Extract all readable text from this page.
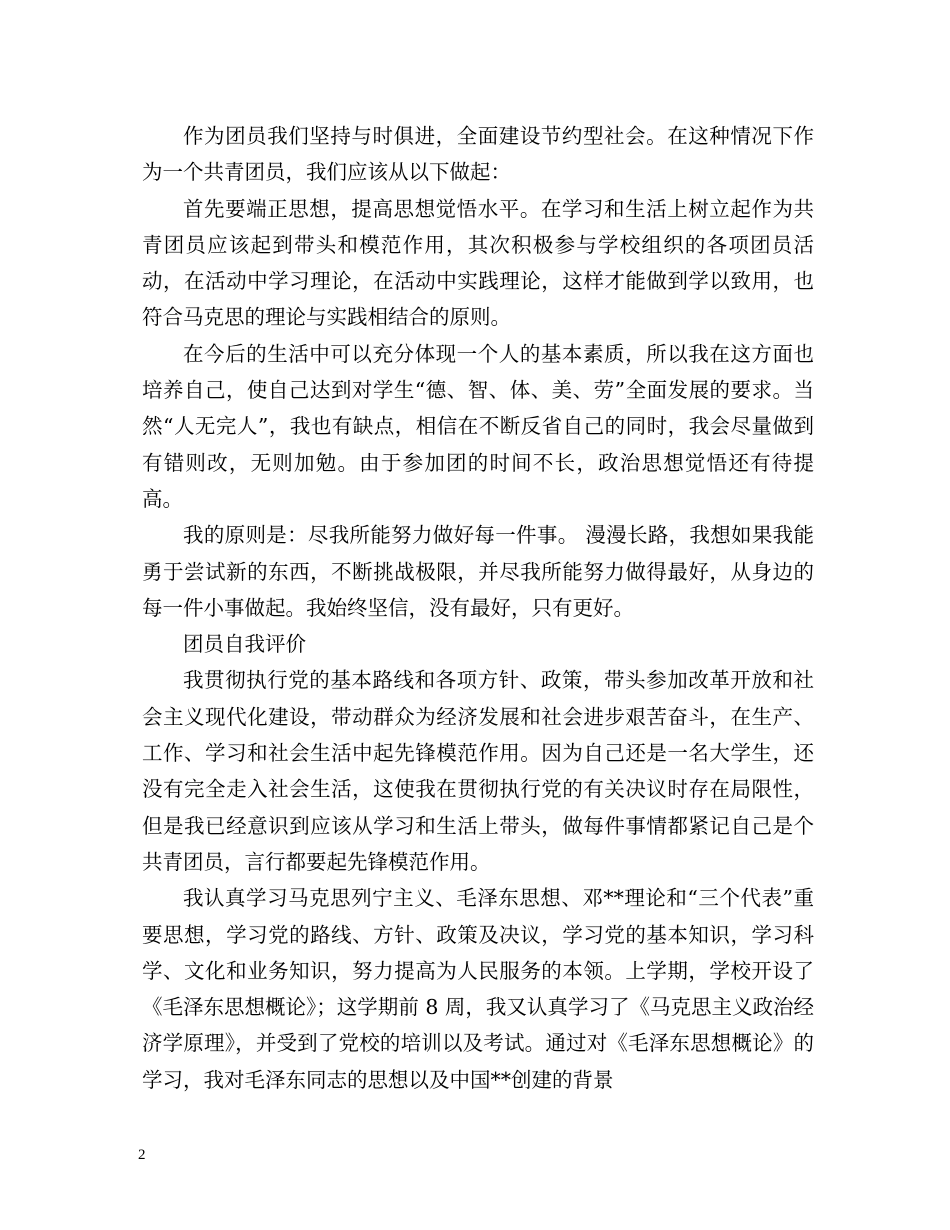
作为团员我们坚持与时俱进，全面建设节约型社会。在这种情况下作为一个共青团员，我们应该从以下做起：

首先要端正思想，提高思想觉悟水平。在学习和生活上树立起作为共青团员应该起到带头和模范作用，其次积极参与学校组织的各项团员活动，在活动中学习理论，在活动中实践理论，这样才能做到学以致用，也符合马克思的理论与实践相结合的原则。

在今后的生活中可以充分体现一个人的基本素质，所以我在这方面也培养自己，使自己达到对学生“德、智、体、美、劳”全面发展的要求。当然“人无完人”，我也有缺点，相信在不断反省自己的同时，我会尽量做到有错则改，无则加勉。由于参加团的时间不长，政治思想觉悟还有待提高。

我的原则是：尽我所能努力做好每一件事。 漫漫长路，我想如果我能勇于尝试新的东西，不断挑战极限，并尽我所能努力做得最好，从身边的每一件小事做起。我始终坚信，没有最好，只有更好。

团员自我评价

我贯彻执行党的基本路线和各项方针、政策，带头参加改革开放和社会主义现代化建设，带动群众为经济发展和社会进步艰苦奋斗，在生产、工作、学习和社会生活中起先锋模范作用。因为自己还是一名大学生，还没有完全走入社会生活，这使我在贯彻执行党的有关决议时存在局限性，但是我已经意识到应该从学习和生活上带头，做每件事情都紧记自己是个共青团员，言行都要起先锋模范作用。

我认真学习马克思列宁主义、毛泽东思想、邓**理论和“三个代表”重要思想，学习党的路线、方针、政策及决议，学习党的基本知识，学习科学、文化和业务知识，努力提高为人民服务的本领。上学期，学校开设了《毛泽东思想概论》；这学期前 8 周，我又认真学习了《马克思主义政治经济学原理》，并受到了党校的培训以及考试。通过对《毛泽东思想概论》的学习，我对毛泽东同志的思想以及中国**创建的背景

2
